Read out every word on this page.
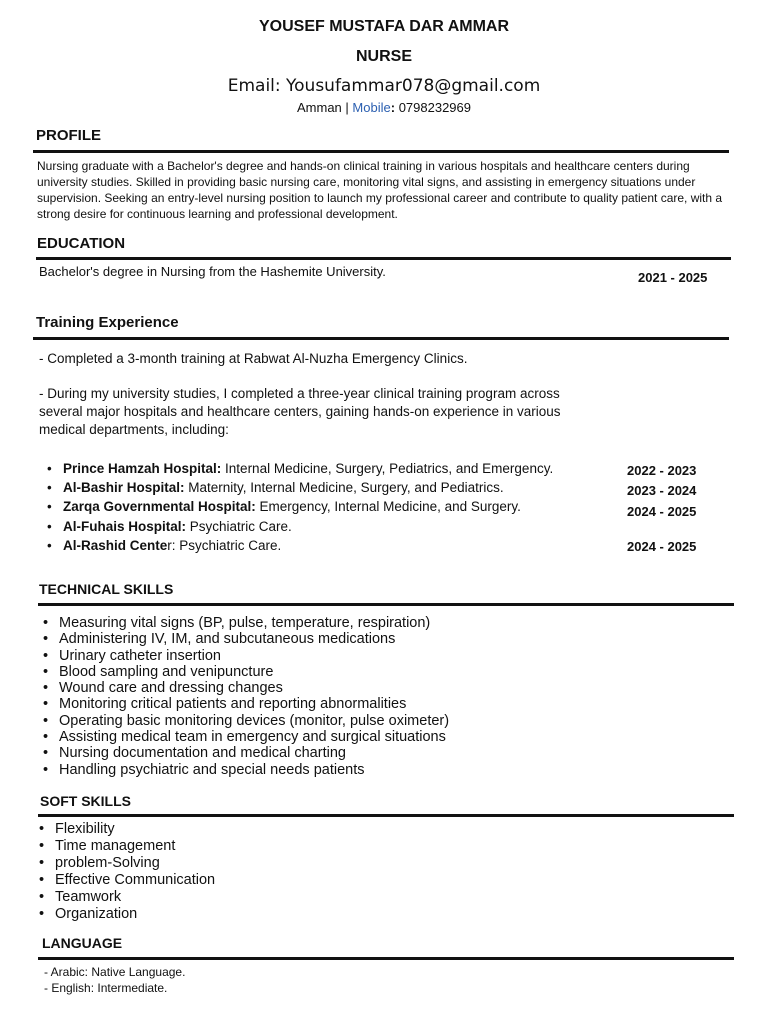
YOUSEF MUSTAFA DAR AMMAR
NURSE
Email: Yousufammar078@gmail.com
Amman | Mobile: 0798232969
PROFILE
Nursing graduate with a Bachelor's degree and hands-on clinical training in various hospitals and healthcare centers during university studies. Skilled in providing basic nursing care, monitoring vital signs, and assisting in emergency situations under supervision. Seeking an entry-level nursing position to launch my professional career and contribute to quality patient care, with a strong desire for continuous learning and professional development.
EDUCATION
Bachelor's degree in Nursing from the Hashemite University.	2021 - 2025
Training Experience
- Completed a 3-month training at Rabwat Al-Nuzha Emergency Clinics.
- During my university studies, I completed a three-year clinical training program across several major hospitals and healthcare centers, gaining hands-on experience in various medical departments, including:
• Prince Hamzah Hospital: Internal Medicine, Surgery, Pediatrics, and Emergency.
• Al-Bashir Hospital: Maternity, Internal Medicine, Surgery, and Pediatrics.
• Zarqa Governmental Hospital: Emergency, Internal Medicine, and Surgery.
• Al-Fuhais Hospital: Psychiatric Care.
• Al-Rashid Center: Psychiatric Care.
2022 - 2023
2023 - 2024
2024 - 2025
2024 - 2025
TECHNICAL SKILLS
• Measuring vital signs (BP, pulse, temperature, respiration)
• Administering IV, IM, and subcutaneous medications
• Urinary catheter insertion
• Blood sampling and venipuncture
• Wound care and dressing changes
• Monitoring critical patients and reporting abnormalities
• Operating basic monitoring devices (monitor, pulse oximeter)
• Assisting medical team in emergency and surgical situations
• Nursing documentation and medical charting
• Handling psychiatric and special needs patients
SOFT SKILLS
• Flexibility
• Time management
• problem-Solving
• Effective Communication
• Teamwork
• Organization
LANGUAGE
- Arabic: Native Language.
- English: Intermediate.
